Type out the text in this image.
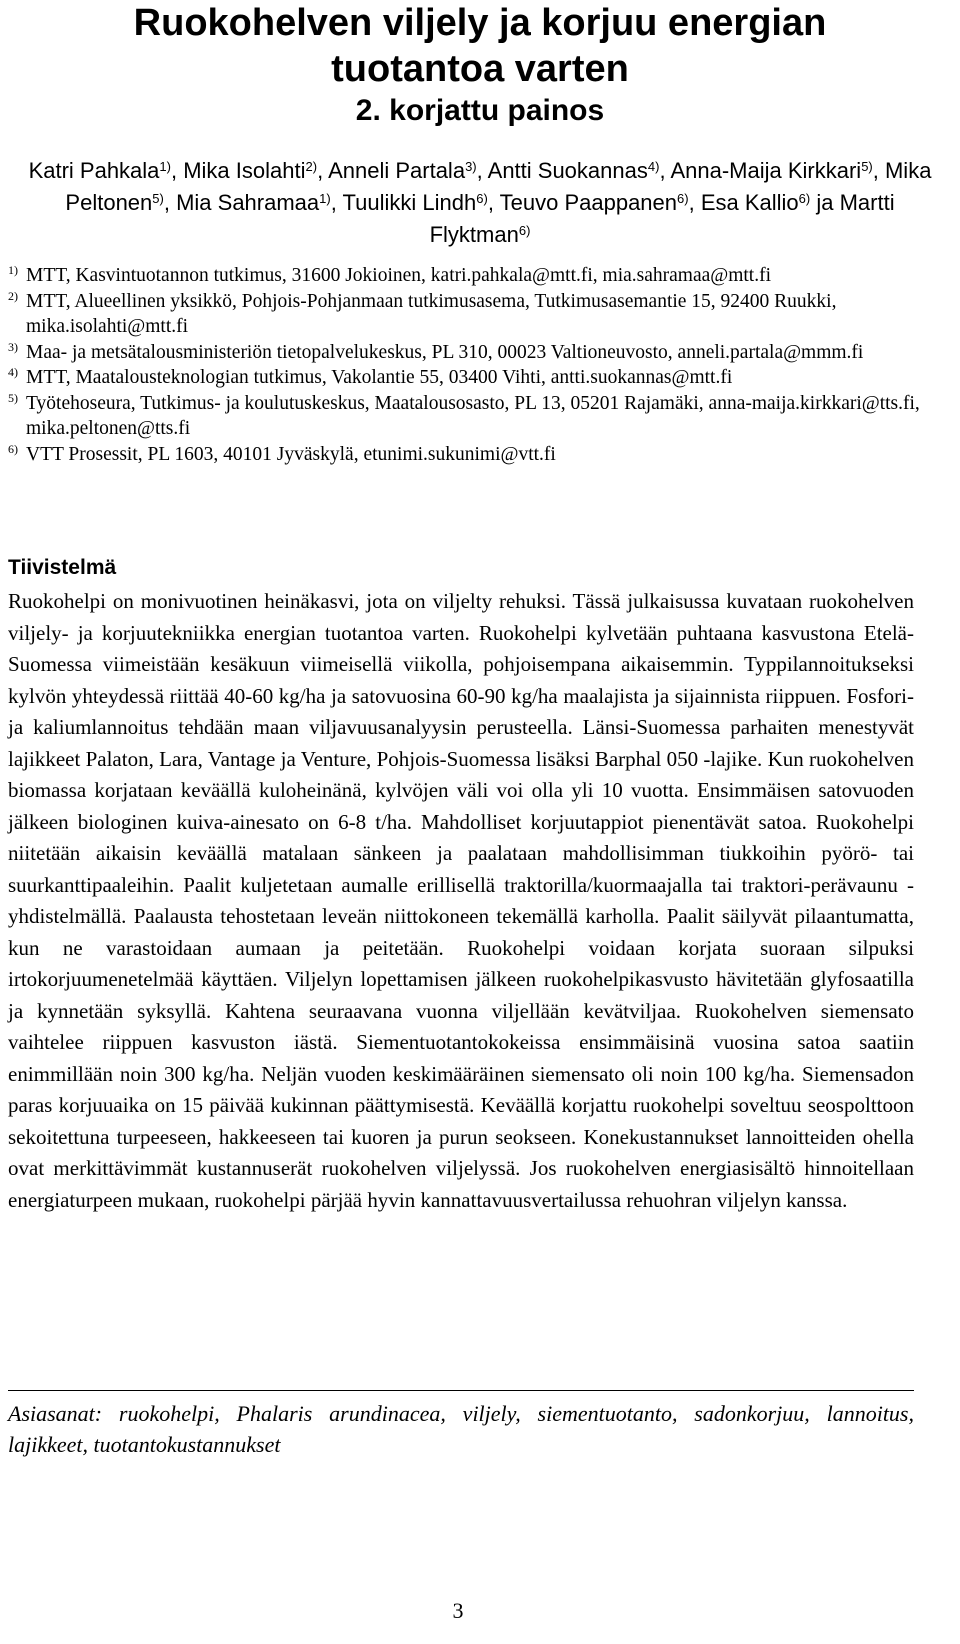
Ruokohelven viljely ja korjuu energian
tuotantoa varten
2. korjattu painos
Katri Pahkala$^{1)}$, Mika Isolahti$^{2)}$, Anneli Partala$^{3)}$, Antti Suokannas$^{4)}$, Anna-Maija Kirkkari$^{5)}$, Mika Peltonen$^{5)}$, Mia Sahramaa$^{1)}$, Tuulikki Lindh$^{6)}$, Teuvo Paappanen$^{6)}$, Esa Kallio$^{6)}$ ja Martti Flyktman$^{6)}$

1) MTT, Kasvintuotannon tutkimus, 31600 Jokioinen, katri.pahkala@mtt.fi, mia.sahramaa@mtt.fi

2) MTT, Alueellinen yksikkö, Pohjois-Pohjanmaan tutkimusasema, Tutkimusasemantie 15, 92400 Ruukki, mika.isolahti@mtt.fi

3) Maa- ja metsätalousministeriön tietopalvelukeskus, PL 310, 00023 Valtioneuvosto, anneli.partala@mmm.fi

4) MTT, Maatalousteknologian tutkimus, Vakolantie 55, 03400 Vihti, antti.suokannas@mtt.fi

5) Työtehoseura, Tutkimus- ja koulutuskeskus, Maatalousosasto, PL 13, 05201 Rajamäki, anna-maija.kirkkari@tts.fi, mika.peltonen@tts.fi

6) VTT Prosessit, PL 1603, 40101 Jyväskylä, etunimi.sukunimi@vtt.fi

Tiivistelmä

Ruokohelpi on monivuotinen heinäkasvi, jota on viljelty rehuksi. Tässä julkaisussa kuvataan ruokohelven viljely- ja korjuutekniikka energian tuotantoa varten. Ruokohelpi kylvetään puhtaana kasvustona Etelä-Suomessa viimeistään kesäkuun viimeisellä viikolla, pohjoisempana aikaisemmin. Typpilannoitukseksi kylvön yhteydessä riittää 40-60 kg/ha ja satovuosina 60-90 kg/ha maalajista ja sijainnista riippuen. Fosfori- ja kaliumlannoitus tehdään maan viljavuusanalyysin perusteella. Länsi-Suomessa parhaiten menestyvät lajikkeet Palaton, Lara, Vantage ja Venture, Pohjois-Suomessa lisäksi Barphal 050 -lajike. Kun ruokohelven biomassa korjataan keväällä kuloheinänä, kylvöjen väli voi olla yli 10 vuotta. Ensimmäisen satovuoden jälkeen biologinen kuiva-ainesato on 6-8 t/ha. Mahdolliset korjuutappiot pienentävät satoa. Ruokohelpi niitetään aikaisin keväällä matalaan sänkeen ja paalataan mahdollisimman tiukkoihin pyörö- tai suurkanttipaaleihin. Paalit kuljetetaan aumalle erillisellä traktorilla/kuormaajalla tai traktori-perävaunu -yhdistelmällä. Paalausta tehostetaan leveän niittokoneen tekemällä karholla. Paalit säilyvät pilaantumatta, kun ne varastoidaan aumaan ja peitetään. Ruokohelpi voidaan korjata suoraan silpuksi irtokorjuumenetelmää käyttäen. Viljelyn lopettamisen jälkeen ruokohelpikasvusto hävitetään glyfosaatilla ja kynnetään syksyllä. Kahtena seuraavana vuonna viljellään kevätviljaa. Ruokohelven siemensato vaihtelee riippuen kasvuston iästä. Siementuotantokokeissa ensimmäisinä vuosina satoa saatiin enimmillään noin 300 kg/ha. Neljän vuoden keskimääräinen siemensato oli noin 100 kg/ha. Siemensadon paras korjuuaika on 15 päivää kukinnan päättymisestä. Keväällä korjattu ruokohelpi soveltuu seospolttoon sekoitettuna turpeeseen, hakkeeseen tai kuoren ja purun seokseen. Konekustannukset lannoitteiden ohella ovat merkittävimmät kustannuserät ruokohelven viljelyssä. Jos ruokohelven energiasisältö hinnoitellaan energiaturpeen mukaan, ruokohelpi pärjää hyvin kannattavuusvertailussa rehuohran viljelyn kanssa.

Asiasanat: ruokohelpi, Phalaris arundinacea, viljely, siementuotanto, sadonkorjuu, lannoitus, lajikkeet, tuotantokustannukset

3
